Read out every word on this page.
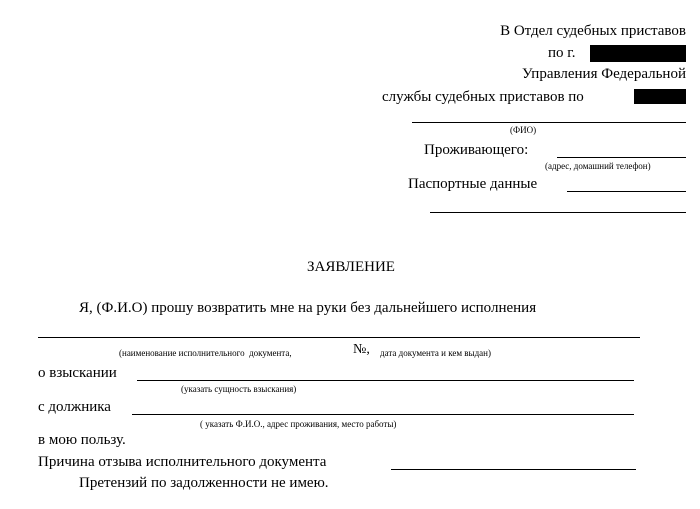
В Отдел судебных приставов
по г.
Управления Федеральной
службы судебных приставов по
(ФИО)
Проживающего:
(адрес, домашний телефон)
Паспортные данные
ЗАЯВЛЕНИЕ
Я, (Ф.И.О) прошу возвратить мне на руки без дальнейшего исполнения
(наименование исполнительного  документа,	№, дата документа и кем выдан)
о взыскании
(указать сущность взыскания)
с должника
( указать Ф.И.О., адрес проживания, место работы)
в мою пользу.
Причина отзыва исполнительного документа
Претензий по задолженности не имею.
